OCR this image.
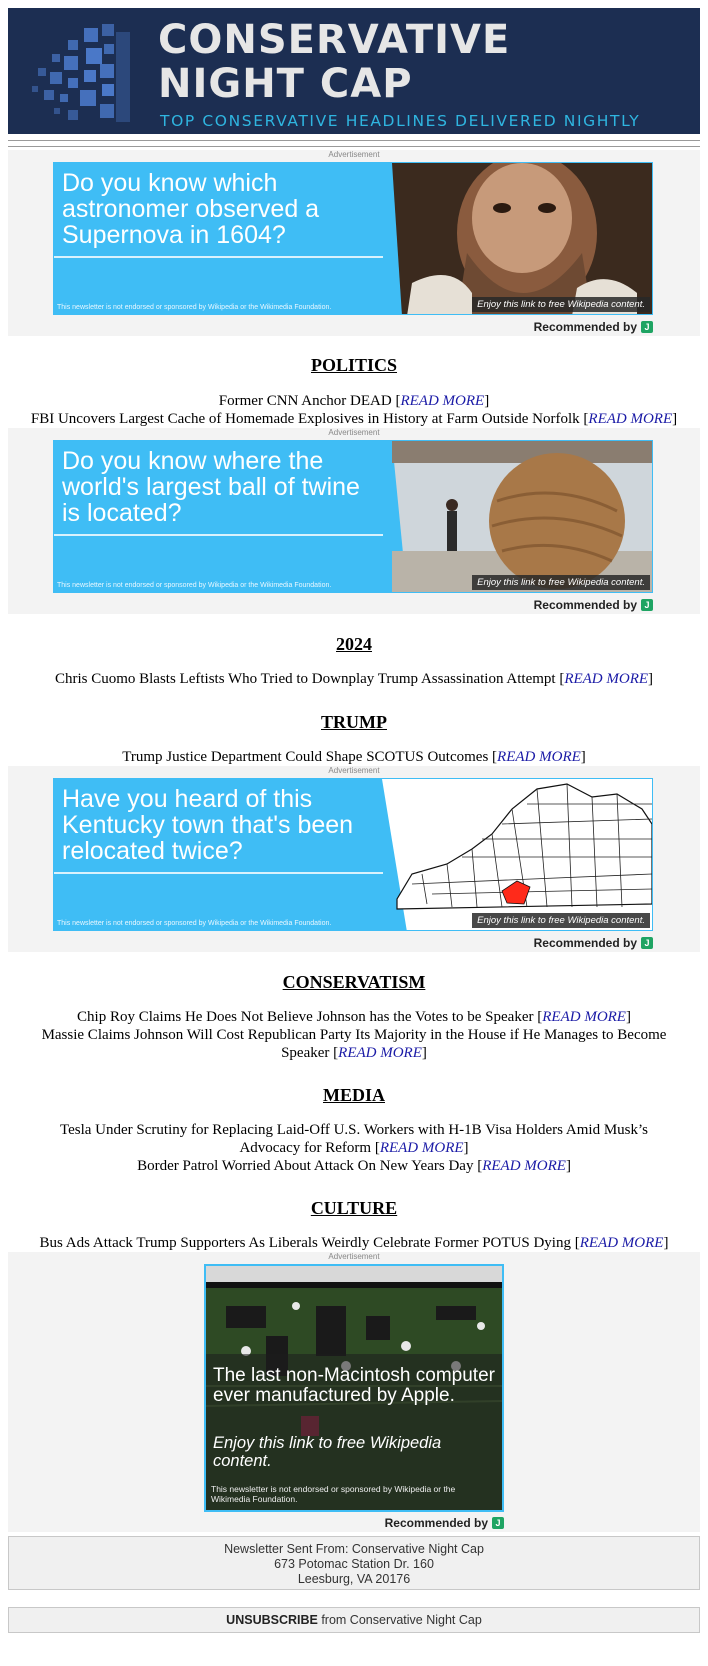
CONSERVATIVE
NIGHT CAP
TOP CONSERVATIVE HEADLINES DELIVERED NIGHTLY
Advertisement
Do you know which astronomer observed a Supernova in 1604?
This newsletter is not endorsed or sponsored by Wikipedia or the Wikimedia Foundation.	Enjoy this link to free Wikipedia content.
Recommended by J
POLITICS
Former CNN Anchor DEAD [READ MORE]
FBI Uncovers Largest Cache of Homemade Explosives in History at Farm Outside Norfolk [READ MORE]
Advertisement
Do you know where the world's largest ball of twine is located?
This newsletter is not endorsed or sponsored by Wikipedia or the Wikimedia Foundation.	Enjoy this link to free Wikipedia content.
Recommended by J
2024
Chris Cuomo Blasts Leftists Who Tried to Downplay Trump Assassination Attempt [READ MORE]
TRUMP
Trump Justice Department Could Shape SCOTUS Outcomes [READ MORE]
Advertisement
Have you heard of this Kentucky town that's been relocated twice?
This newsletter is not endorsed or sponsored by Wikipedia or the Wikimedia Foundation.	Enjoy this link to free Wikipedia content.
Recommended by J
CONSERVATISM
Chip Roy Claims He Does Not Believe Johnson has the Votes to be Speaker [READ MORE]
Massie Claims Johnson Will Cost Republican Party Its Majority in the House if He Manages to Become Speaker [READ MORE]
MEDIA
Tesla Under Scrutiny for Replacing Laid-Off U.S. Workers with H-1B Visa Holders Amid Musk’s Advocacy for Reform [READ MORE]
Border Patrol Worried About Attack On New Years Day [READ MORE]
CULTURE
Bus Ads Attack Trump Supporters As Liberals Weirdly Celebrate Former POTUS Dying [READ MORE]
Advertisement
The last non-Macintosh computer ever manufactured by Apple.
Enjoy this link to free Wikipedia content.
This newsletter is not endorsed or sponsored by Wikipedia or the Wikimedia Foundation.
Recommended by J
Newsletter Sent From: Conservative Night Cap
673 Potomac Station Dr. 160
Leesburg, VA 20176
UNSUBSCRIBE from Conservative Night Cap
